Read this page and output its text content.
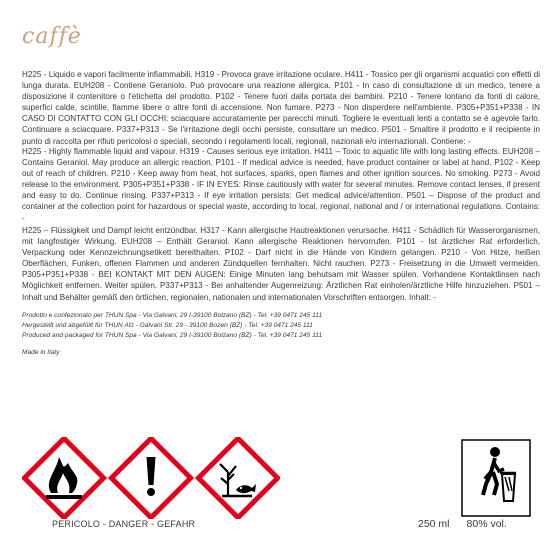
caffè
H225 - Liquido e vapori facilmente infiammabili. H319 - Provoca grave irritazione oculare. H411 - Tossico per gli organismi acquatici con effetti di lunga durata. EUH208 - Contiene Geraniolo. Può provocare una reazione allergica. P101 - In caso di consultazione di un medico, tenere a disposizione il contenitore o l'etichetta del prodotto. P102 - Tenere fuori dalla portata dei bambini. P210 - Tenere lontano da fonti di calore, superfici calde, scintille, fiamme libere o altre fonti di accensione. Non fumare. P273 - Non disperdere nell'ambiente. P305+P351+P338 - IN CASO DI CONTATTO CON GLI OCCHI: sciacquare accuratamente per parecchi minuti. Togliere le eventuali lenti a contatto se è agevole farlo. Continuare a sciacquare. P337+P313 - Se l'irritazione degli occhi persiste, consultare un medico. P501 - Smaltire il prodotto e il recipiente in punto di raccolta per rifiuti pericolosi o speciali, secondo i regolamenti locali, regionali, nazionali e/o internazionali. Contiene: -
H225 - Highly flammable liquid and vapour. H319 - Causes serious eye irritation. H411 – Toxic to aquatic life with long lasting effects. EUH208 – Contains Geraniol. May produce an allergic reaction. P101 - If medical advice is needed, have product container or label at hand. P102 - Keep out of reach of children. P210 - Keep away from heat, hot surfaces, sparks, open flames and other ignition sources. No smoking. P273 - Avoid release to the environment. P305+P351+P338 - IF IN EYES: Rinse cautiously with water for several minutes. Remove contact lenses, if present and easy to do. Continue rinsing. P337+P313 - If eye irritation persists: Get medical advice/attention. P501 – Dispose of the product and container at the collection point for hazardous or special waste, according to local, regional, national and / or international regulations. Contains: -
H225 – Flüssigkeit und Dampf leicht entzündbar. H317 - Kann allergische Hautreaktionen verursache. H411 - Schädlich für Wasserorganismen, mit langfristiger Wirkung. EUH208 – Enthält Geraniol. Kann allergische Reaktionen hervorrufen. P101 - Ist ärztlicher Rat erforderlich, Verpackung oder Kennzeichnungsetikett bereithalten. P102 - Darf nicht in die Hände von Kindern gelangen. P210 - Von Hitze, heißen Oberflächen, Funken, offenen Flammen und anderen Zündquellen fernhalten. Nicht rauchen. P273 - Freisetzung in die Umwelt vermeiden. P305+P351+P338 - BEI KONTAKT MIT DEN AUGEN: Einige Minuten lang behutsam mit Wasser spülen. Vorhandene Kontaktlinsen nach Möglichkeit entfernen. Weiter spülen. P337+P313 - Bei anhaltender Augenreizung: Ärztlichen Rat einholen/ärztliche Hilfe hinzuziehen. P501 – Inhalt und Behälter gemäß den örtlichen, regionalen, nationalen und internationalen Vorschriften entsorgen. Inhalt: -
Prodotto e confezionato per THUN Spa - Via Galvani, 29 I-39100 Bolzano (BZ) - Tel. +39 0471 245 111
Hergestellt und abgefüllt für THUN AG - Galvani Str. 29 - 39100 Bozen (BZ) - Tel. +39 0471 245 111
Produced and packaged for THUN Spa - Via Galvani, 29 I-39100 Bolzano (BZ) - Tel. +39 0471 245 111
Made in Italy
PERICOLO - DANGER - GEFAHR	250 ml 80% vol.
